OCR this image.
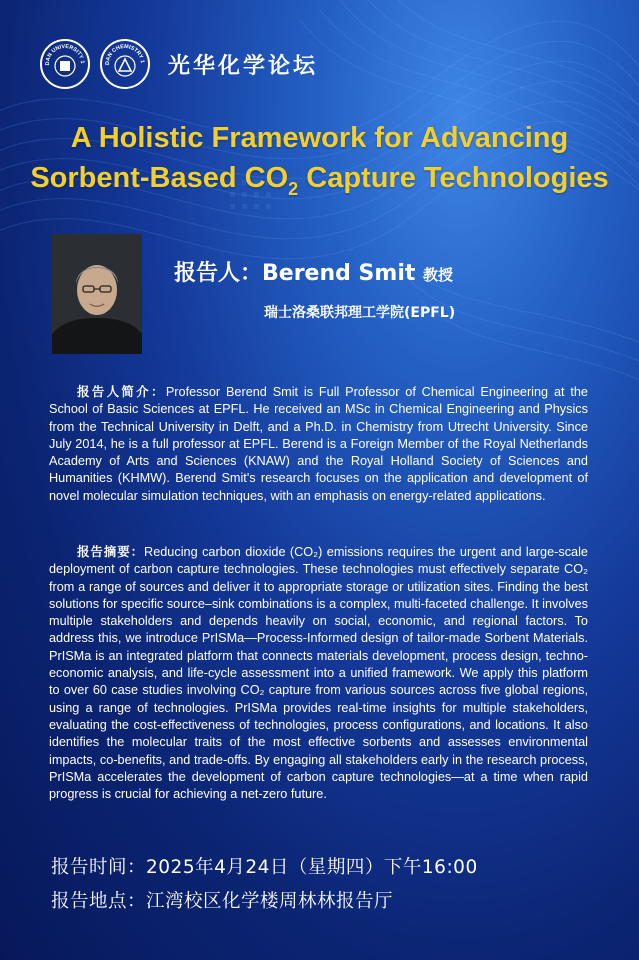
DAN UNIVERSITY 1	DAN CHEMISTRY 1 光华化学论坛
A Holistic Framework for Advancing
Sorbent-Based $CO_2$ Capture Technologies
报告人：Berend Smit 教授
瑞士洛桑联邦理工学院(EPFL)
报告人简介：Professor Berend Smit is Full Professor of Chemical Engineering at the School of Basic Sciences at EPFL. He received an MSc in Chemical Engineering and Physics from the Technical University in Delft, and a Ph.D. in Chemistry from Utrecht University. Since July 2014, he is a full professor at EPFL. Berend is a Foreign Member of the Royal Netherlands Academy of Arts and Sciences (KNAW) and the Royal Holland Society of Sciences and Humanities (KHMW). Berend Smit's research focuses on the application and development of novel molecular simulation techniques, with an emphasis on energy-related applications.
报告摘要：Reducing carbon dioxide (CO₂) emissions requires the urgent and large-scale deployment of carbon capture technologies. These technologies must effectively separate CO₂ from a range of sources and deliver it to appropriate storage or utilization sites. Finding the best solutions for specific source–sink combinations is a complex, multi-faceted challenge. It involves multiple stakeholders and depends heavily on social, economic, and regional factors. To address this, we introduce PrISMa—Process-Informed design of tailor-made Sorbent Materials. PrISMa is an integrated platform that connects materials development, process design, techno-economic analysis, and life-cycle assessment into a unified framework. We apply this platform to over 60 case studies involving CO₂ capture from various sources across five global regions, using a range of technologies. PrISMa provides real-time insights for multiple stakeholders, evaluating the cost-effectiveness of technologies, process configurations, and locations. It also identifies the molecular traits of the most effective sorbents and assesses environmental impacts, co-benefits, and trade-offs. By engaging all stakeholders early in the research process, PrISMa accelerates the development of carbon capture technologies—at a time when rapid progress is crucial for achieving a net-zero future.
报告时间：2025年4月24日（星期四）下午16:00
报告地点：江湾校区化学楼周林林报告厅
